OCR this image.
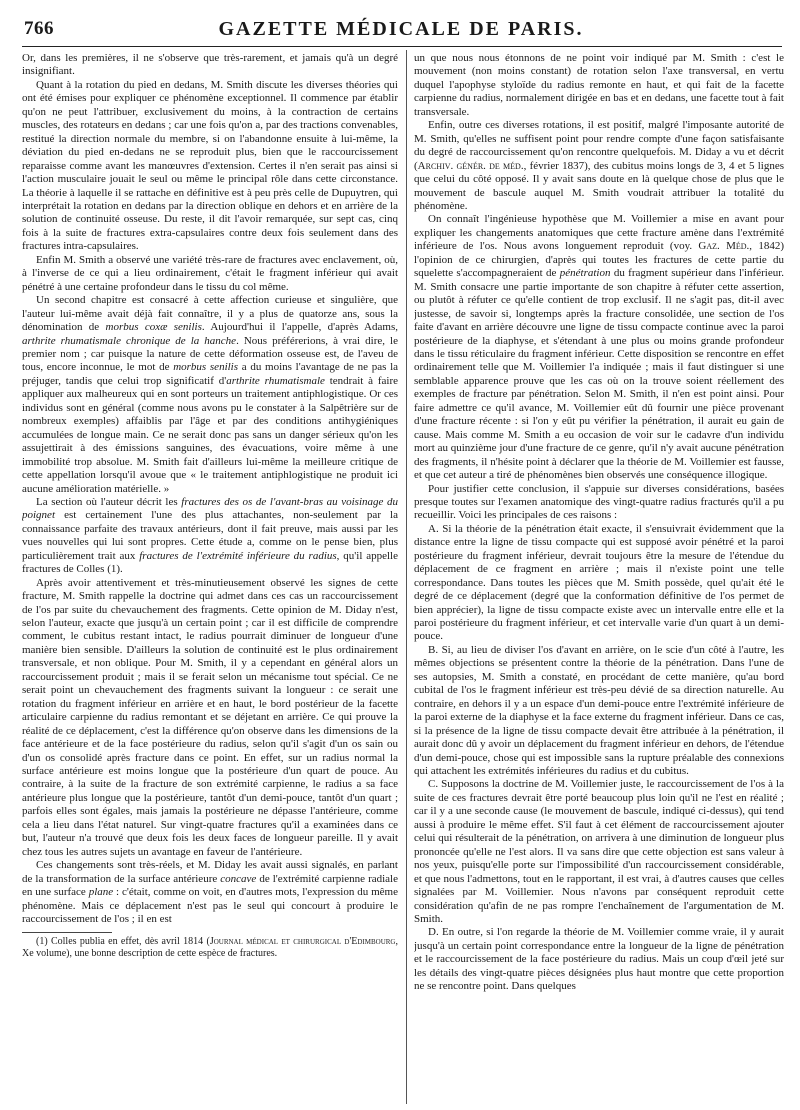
766	GAZETTE MÉDICALE DE PARIS.

Or, dans les premières, il ne s'observe que très-rarement, et jamais qu'à un degré insignifiant.

Quant à la rotation du pied en dedans, M. Smith discute les diverses théories qui ont été émises pour expliquer ce phénomène exceptionnel. Il commence par établir qu'on ne peut l'attribuer, exclusivement du moins, à la contraction de certains muscles, des rotateurs en dedans ; car une fois qu'on a, par des tractions convenables, restitué la direction normale du membre, si on l'abandonne ensuite à lui-même, la déviation du pied en-dedans ne se reproduit plus, bien que le raccourcissement reparaisse comme avant les manœuvres d'extension. Certes il n'en serait pas ainsi si l'action musculaire jouait le seul ou même le principal rôle dans cette circonstance. La théorie à laquelle il se rattache en définitive est à peu près celle de Dupuytren, qui interprétait la rotation en dedans par la direction oblique en dehors et en arrière de la solution de continuité osseuse. Du reste, il dit l'avoir remarquée, sur sept cas, cinq fois à la suite de fractures extra-capsulaires contre deux fois seulement dans des fractures intra-capsulaires.

Enfin M. Smith a observé une variété très-rare de fractures avec enclavement, où, à l'inverse de ce qui a lieu ordinairement, c'était le fragment inférieur qui avait pénétré à une certaine profondeur dans le tissu du col même.

Un second chapitre est consacré à cette affection curieuse et singulière, que l'auteur lui-même avait déjà fait connaître, il y a plus de quatorze ans, sous la dénomination de morbus coxæ senilis. Aujourd'hui il l'appelle, d'après Adams, arthrite rhumatismale chronique de la hanche. Nous préférerions, à vrai dire, le premier nom ; car puisque la nature de cette déformation osseuse est, de l'aveu de tous, encore inconnue, le mot de morbus senilis a du moins l'avantage de ne pas la préjuger, tandis que celui trop significatif d'arthrite rhumatismale tendrait à faire appliquer aux malheureux qui en sont porteurs un traitement antiphlogistique. Or ces individus sont en général (comme nous avons pu le constater à la Salpêtrière sur de nombreux exemples) affaiblis par l'âge et par des conditions antihygiéniques accumulées de longue main. Ce ne serait donc pas sans un danger sérieux qu'on les assujettirait à des émissions sanguines, des évacuations, voire même à une immobilité trop absolue. M. Smith fait d'ailleurs lui-même la meilleure critique de cette appellation lorsqu'il avoue que « le traitement antiphlogistique ne produit ici aucune amélioration matérielle. »

La section où l'auteur décrit les fractures des os de l'avant-bras au voisinage du poignet est certainement l'une des plus attachantes, non-seulement par la connaissance parfaite des travaux antérieurs, dont il fait preuve, mais aussi par les vues nouvelles qui lui sont propres. Cette étude a, comme on le pense bien, plus particulièrement trait aux fractures de l'extrémité inférieure du radius, qu'il appelle fractures de Colles (1).

Après avoir attentivement et très-minutieusement observé les signes de cette fracture, M. Smith rappelle la doctrine qui admet dans ces cas un raccourcissement de l'os par suite du chevauchement des fragments. Cette opinion de M. Diday n'est, selon l'auteur, exacte que jusqu'à un certain point ; car il est difficile de comprendre comment, le cubitus restant intact, le radius pourrait diminuer de longueur d'une manière bien sensible. D'ailleurs la solution de continuité est le plus ordinairement transversale, et non oblique. Pour M. Smith, il y a cependant en général alors un raccourcissement produit ; mais il se ferait selon un mécanisme tout spécial. Ce ne serait point un chevauchement des fragments suivant la longueur : ce serait une rotation du fragment inférieur en arrière et en haut, le bord postérieur de la facette articulaire carpienne du radius remontant et se déjetant en arrière. Ce qui prouve la réalité de ce déplacement, c'est la différence qu'on observe dans les dimensions de la face antérieure et de la face postérieure du radius, selon qu'il s'agit d'un os sain ou d'un os consolidé après fracture dans ce point. En effet, sur un radius normal la surface antérieure est moins longue que la postérieure d'un quart de pouce. Au contraire, à la suite de la fracture de son extrémité carpienne, le radius a sa face antérieure plus longue que la postérieure, tantôt d'un demi-pouce, tantôt d'un quart ; parfois elles sont égales, mais jamais la postérieure ne dépasse l'antérieure, comme cela a lieu dans l'état naturel. Sur vingt-quatre fractures qu'il a examinées dans ce but, l'auteur n'a trouvé que deux fois les deux faces de longueur pareille. Il y avait chez tous les autres sujets un avantage en faveur de l'antérieure.

Ces changements sont très-réels, et M. Diday les avait aussi signalés, en parlant de la transformation de la surface antérieure concave de l'extrémité carpienne radiale en une surface plane : c'était, comme on voit, en d'autres mots, l'expression du même phénomène. Mais ce déplacement n'est pas le seul qui concourt à produire le raccourcissement de l'os ; il en est

(1) Colles publia en effet, dès avril 1814 (Journal médical et chirurgical d'Edimbourg, Xe volume), une bonne description de cette espèce de fractures.

un que nous nous étonnons de ne point voir indiqué par M. Smith : c'est le mouvement (non moins constant) de rotation selon l'axe transversal, en vertu duquel l'apophyse styloïde du radius remonte en haut, et qui fait de la facette carpienne du radius, normalement dirigée en bas et en dedans, une facette tout à fait transversale.

Enfin, outre ces diverses rotations, il est positif, malgré l'imposante autorité de M. Smith, qu'elles ne suffisent point pour rendre compte d'une façon satisfaisante du degré de raccourcissement qu'on rencontre quelquefois. M. Diday a vu et décrit (Archiv. génér. de méd., février 1837), des cubitus moins longs de 3, 4 et 5 lignes que celui du côté opposé. Il y avait sans doute en là quelque chose de plus que le mouvement de bascule auquel M. Smith voudrait attribuer la totalité du phénomène.

On connaît l'ingénieuse hypothèse que M. Voillemier a mise en avant pour expliquer les changements anatomiques que cette fracture amène dans l'extrémité inférieure de l'os. Nous avons longuement reproduit (voy. Gaz. Méd., 1842) l'opinion de ce chirurgien, d'après qui toutes les fractures de cette partie du squelette s'accompagneraient de pénétration du fragment supérieur dans l'inférieur. M. Smith consacre une partie importante de son chapitre à réfuter cette assertion, ou plutôt à réfuter ce qu'elle contient de trop exclusif. Il ne s'agit pas, dit-il avec justesse, de savoir si, longtemps après la fracture consolidée, une section de l'os faite d'avant en arrière découvre une ligne de tissu compacte continue avec la paroi postérieure de la diaphyse, et s'étendant à une plus ou moins grande profondeur dans le tissu réticulaire du fragment inférieur. Cette disposition se rencontre en effet ordinairement telle que M. Voillemier l'a indiquée ; mais il faut distinguer si une semblable apparence prouve que les cas où on la trouve soient réellement des exemples de fracture par pénétration. Selon M. Smith, il n'en est point ainsi. Pour faire admettre ce qu'il avance, M. Voillemier eût dû fournir une pièce provenant d'une fracture récente : si l'on y eût pu vérifier la pénétration, il aurait eu gain de cause. Mais comme M. Smith a eu occasion de voir sur le cadavre d'un individu mort au quinzième jour d'une fracture de ce genre, qu'il n'y avait aucune pénétration des fragments, il n'hésite point à déclarer que la théorie de M. Voillemier est fausse, et que cet auteur a tiré de phénomènes bien observés une conséquence illogique.

Pour justifier cette conclusion, il s'appuie sur diverses considérations, basées presque toutes sur l'examen anatomique des vingt-quatre radius fracturés qu'il a pu recueillir. Voici les principales de ces raisons :

A. Si la théorie de la pénétration était exacte, il s'ensuivrait évidemment que la distance entre la ligne de tissu compacte qui est supposé avoir pénétré et la paroi postérieure du fragment inférieur, devrait toujours être la mesure de l'étendue du déplacement de ce fragment en arrière ; mais il n'existe point une telle correspondance. Dans toutes les pièces que M. Smith possède, quel qu'ait été le degré de ce déplacement (degré que la conformation définitive de l'os permet de bien apprécier), la ligne de tissu compacte existe avec un intervalle entre elle et la paroi postérieure du fragment inférieur, et cet intervalle varie d'un quart à un demi-pouce.

B. Si, au lieu de diviser l'os d'avant en arrière, on le scie d'un côté à l'autre, les mêmes objections se présentent contre la théorie de la pénétration. Dans l'une de ses autopsies, M. Smith a constaté, en procédant de cette manière, qu'au bord cubital de l'os le fragment inférieur est très-peu dévié de sa direction naturelle. Au contraire, en dehors il y a un espace d'un demi-pouce entre l'extrémité inférieure de la paroi externe de la diaphyse et la face externe du fragment inférieur. Dans ce cas, si la présence de la ligne de tissu compacte devait être attribuée à la pénétration, il aurait donc dû y avoir un déplacement du fragment inférieur en dehors, de l'étendue d'un demi-pouce, chose qui est impossible sans la rupture préalable des connexions qui attachent les extrémités inférieures du radius et du cubitus.

C. Supposons la doctrine de M. Voillemier juste, le raccourcissement de l'os à la suite de ces fractures devrait être porté beaucoup plus loin qu'il ne l'est en réalité ; car il y a une seconde cause (le mouvement de bascule, indiqué ci-dessus), qui tend aussi à produire le même effet. S'il faut à cet élément de raccourcissement ajouter celui qui résulterait de la pénétration, on arrivera à une diminution de longueur plus prononcée qu'elle ne l'est alors. Il va sans dire que cette objection est sans valeur à nos yeux, puisqu'elle porte sur l'impossibilité d'un raccourcissement considérable, et que nous l'admettons, tout en le rapportant, il est vrai, à d'autres causes que celles signalées par M. Voillemier. Nous n'avons par conséquent reproduit cette considération qu'afin de ne pas rompre l'enchaînement de l'argumentation de M. Smith.

D. En outre, si l'on regarde la théorie de M. Voillemier comme vraie, il y aurait jusqu'à un certain point correspondance entre la longueur de la ligne de pénétration et le raccourcissement de la face postérieure du radius. Mais un coup d'œil jeté sur les détails des vingt-quatre pièces désignées plus haut montre que cette proportion ne se rencontre point. Dans quelques
